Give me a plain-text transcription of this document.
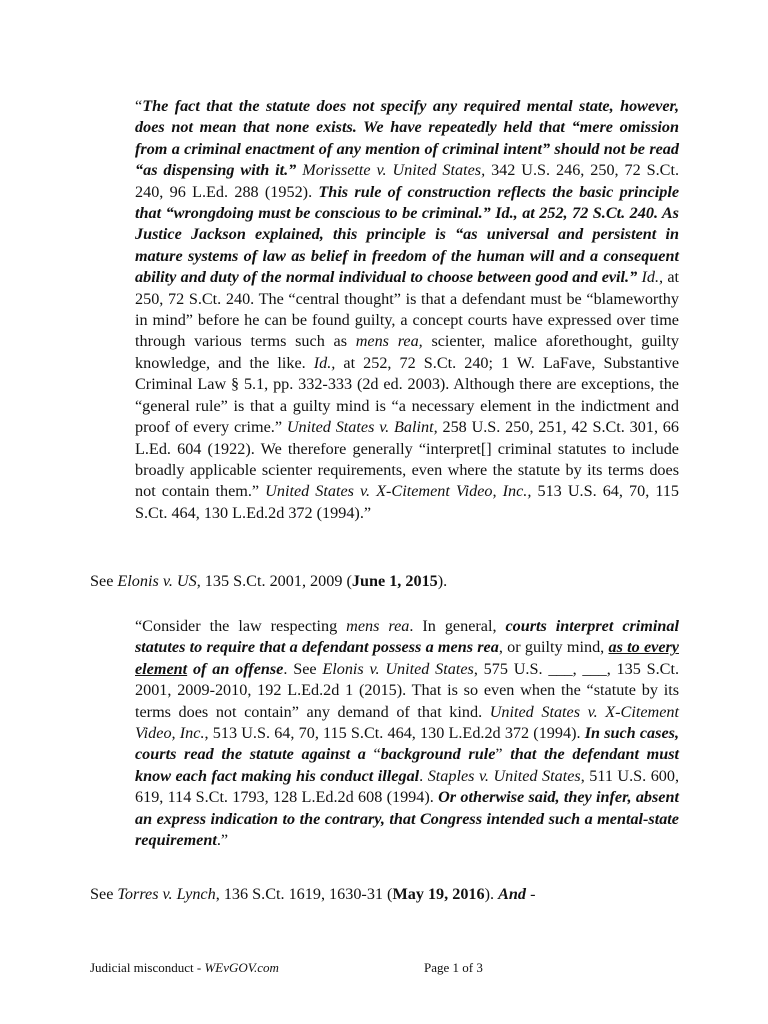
“The fact that the statute does not specify any required mental state, however, does not mean that none exists. We have repeatedly held that “mere omission from a criminal enactment of any mention of criminal intent” should not be read “as dispensing with it.” Morissette v. United States, 342 U.S. 246, 250, 72 S.Ct. 240, 96 L.Ed. 288 (1952). This rule of construction reflects the basic principle that “wrongdoing must be conscious to be criminal.” Id., at 252, 72 S.Ct. 240. As Justice Jackson explained, this principle is “as universal and persistent in mature systems of law as belief in freedom of the human will and a consequent ability and duty of the normal individual to choose between good and evil.” Id., at 250, 72 S.Ct. 240. The “central thought” is that a defendant must be “blameworthy in mind” before he can be found guilty, a concept courts have expressed over time through various terms such as mens rea, scienter, malice aforethought, guilty knowledge, and the like. Id., at 252, 72 S.Ct. 240; 1 W. LaFave, Substantive Criminal Law § 5.1, pp. 332-333 (2d ed. 2003). Although there are exceptions, the “general rule” is that a guilty mind is “a necessary element in the indictment and proof of every crime.” United States v. Balint, 258 U.S. 250, 251, 42 S.Ct. 301, 66 L.Ed. 604 (1922). We therefore generally “interpret[] criminal statutes to include broadly applicable scienter requirements, even where the statute by its terms does not contain them.” United States v. X-Citement Video, Inc., 513 U.S. 64, 70, 115 S.Ct. 464, 130 L.Ed.2d 372 (1994).”
See Elonis v. US, 135 S.Ct. 2001, 2009 (June 1, 2015).
“Consider the law respecting mens rea. In general, courts interpret criminal statutes to require that a defendant possess a mens rea, or guilty mind, as to every element of an offense. See Elonis v. United States, 575 U.S. ___, ___, 135 S.Ct. 2001, 2009-2010, 192 L.Ed.2d 1 (2015). That is so even when the “statute by its terms does not contain” any demand of that kind. United States v. X-Citement Video, Inc., 513 U.S. 64, 70, 115 S.Ct. 464, 130 L.Ed.2d 372 (1994). In such cases, courts read the statute against a “background rule” that the defendant must know each fact making his conduct illegal. Staples v. United States, 511 U.S. 600, 619, 114 S.Ct. 1793, 128 L.Ed.2d 608 (1994). Or otherwise said, they infer, absent an express indication to the contrary, that Congress intended such a mental-state requirement.”
See Torres v. Lynch, 136 S.Ct. 1619, 1630-31 (May 19, 2016). And -
Judicial misconduct - WEvGOV.com	Page 1 of 3
